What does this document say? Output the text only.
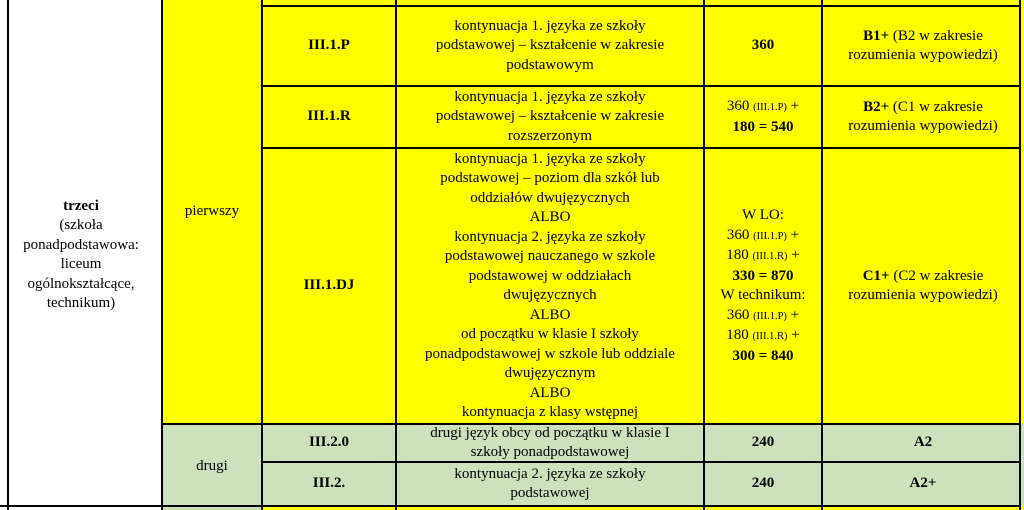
trzeci
(szkoła
ponadpodstawowa:
liceum
ogólnokształcące,
technikum)
pierwszy
drugi
III.1.P
kontynuacja 1. języka ze szkoły
podstawowej – kształcenie w zakresie
podstawowym
360
B1+ (B2 w zakresie
rozumienia wypowiedzi)
III.1.R
kontynuacja 1. języka ze szkoły
podstawowej – kształcenie w zakresie
rozszerzonym
360 (III.1.P) +
180 = 540
B2+ (C1 w zakresie
rozumienia wypowiedzi)
III.1.DJ
kontynuacja 1. języka ze szkoły
podstawowej – poziom dla szkół lub
oddziałów dwujęzycznych
ALBO
kontynuacja 2. języka ze szkoły
podstawowej nauczanego w szkole
podstawowej w oddziałach
dwujęzycznych
ALBO
od początku w klasie I szkoły
ponadpodstawowej w szkole lub oddziale
dwujęzycznym
ALBO
kontynuacja z klasy wstępnej
W LO:
360 (III.1.P) +
180 (III.1.R) +
330 = 870
W technikum:
360 (III.1.P) +
180 (III.1.R) +
300 = 840
C1+ (C2 w zakresie
rozumienia wypowiedzi)
III.2.0
drugi język obcy od początku w klasie I
szkoły ponadpodstawowej
240	A2
III.2.
kontynuacja 2. języka ze szkoły
podstawowej
240	A2+
